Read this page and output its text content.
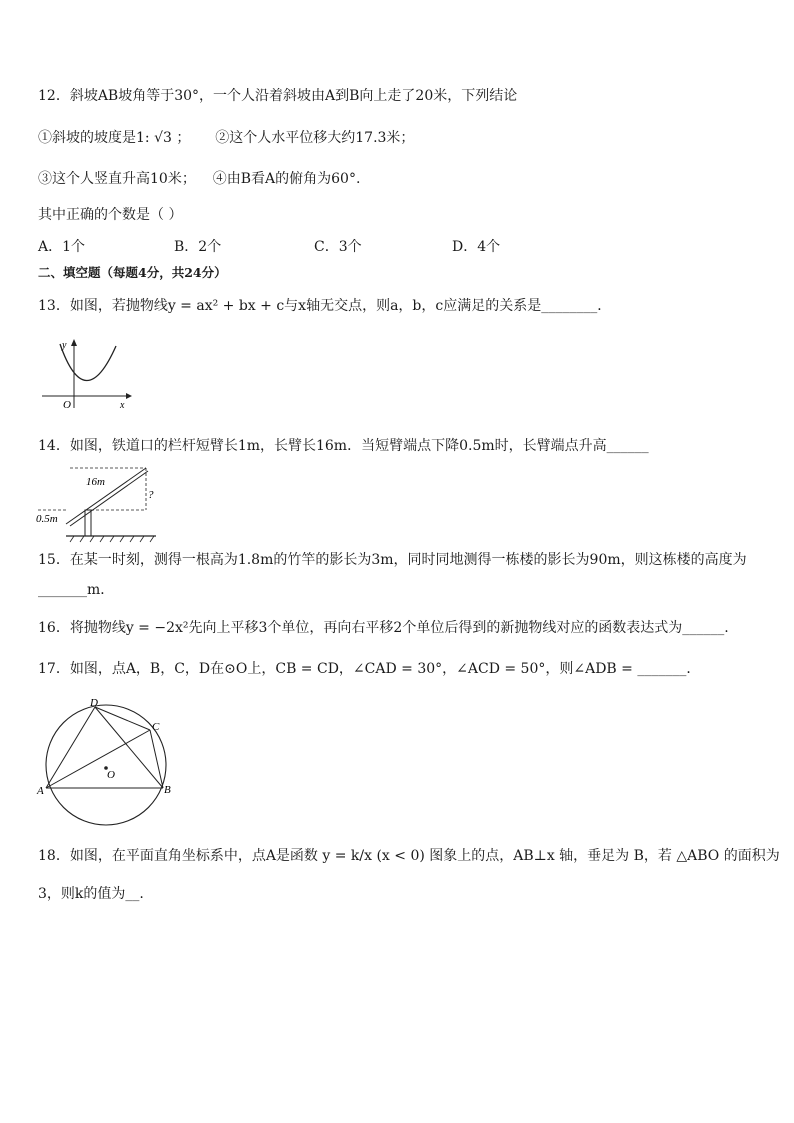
12．斜坡AB坡角等于30°，一个人沿着斜坡由A到B向上走了20米，下列结论
①斜坡的坡度是1: √3 ； ②这个人水平位移大约17.3米；
③这个人竖直升高10米； ④由B看A的俯角为60°.
其中正确的个数是（ ）
A．1个	B．2个	C．3个	D．4个
二、填空题（每题4分，共24分）
13．如图，若抛物线y = ax² + bx + c与x轴无交点，则a，b，c应满足的关系是________．
y
O	x
14．如图，铁道口的栏杆短臂长1m，长臂长16m．当短臂端点下降0.5m时，长臂端点升高______
16m
0.5m
?
15．在某一时刻，测得一根高为1.8m的竹竿的影长为3m，同时同地测得一栋楼的影长为90m，则这栋楼的高度为
_______m．
16．将抛物线y = −2x²先向上平移3个单位，再向右平移2个单位后得到的新抛物线对应的函数表达式为______.
17．如图，点A，B，C，D在⊙O上，CB = CD，∠CAD = 30°，∠ACD = 50°，则∠ADB = _______．
D
C
A	B
O
18．如图，在平面直角坐标系中，点A是函数 y = k/x (x < 0) 图象上的点，AB⊥x 轴，垂足为 B，若 △ABO 的面积为
3，则k的值为__.
